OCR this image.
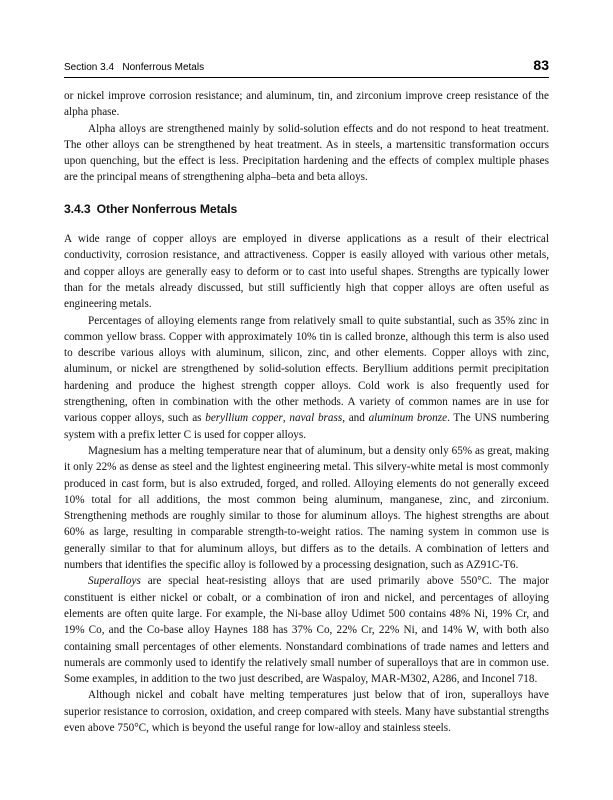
Section 3.4   Nonferrous Metals	83

or nickel improve corrosion resistance; and aluminum, tin, and zirconium improve creep resistance of the alpha phase.

Alpha alloys are strengthened mainly by solid-solution effects and do not respond to heat treatment. The other alloys can be strengthened by heat treatment. As in steels, a martensitic transformation occurs upon quenching, but the effect is less. Precipitation hardening and the effects of complex multiple phases are the principal means of strengthening alpha–beta and beta alloys.

3.4.3 Other Nonferrous Metals

A wide range of copper alloys are employed in diverse applications as a result of their electrical conductivity, corrosion resistance, and attractiveness. Copper is easily alloyed with various other metals, and copper alloys are generally easy to deform or to cast into useful shapes. Strengths are typically lower than for the metals already discussed, but still sufficiently high that copper alloys are often useful as engineering metals.

Percentages of alloying elements range from relatively small to quite substantial, such as 35% zinc in common yellow brass. Copper with approximately 10% tin is called bronze, although this term is also used to describe various alloys with aluminum, silicon, zinc, and other elements. Copper alloys with zinc, aluminum, or nickel are strengthened by solid-solution effects. Beryllium additions permit precipitation hardening and produce the highest strength copper alloys. Cold work is also frequently used for strengthening, often in combination with the other methods. A variety of common names are in use for various copper alloys, such as beryllium copper, naval brass, and aluminum bronze. The UNS numbering system with a prefix letter C is used for copper alloys.

Magnesium has a melting temperature near that of aluminum, but a density only 65% as great, making it only 22% as dense as steel and the lightest engineering metal. This silvery-white metal is most commonly produced in cast form, but is also extruded, forged, and rolled. Alloying elements do not generally exceed 10% total for all additions, the most common being aluminum, manganese, zinc, and zirconium. Strengthening methods are roughly similar to those for aluminum alloys. The highest strengths are about 60% as large, resulting in comparable strength-to-weight ratios. The naming system in common use is generally similar to that for aluminum alloys, but differs as to the details. A combination of letters and numbers that identifies the specific alloy is followed by a processing designation, such as AZ91C-T6.

Superalloys are special heat-resisting alloys that are used primarily above 550°C. The major constituent is either nickel or cobalt, or a combination of iron and nickel, and percentages of alloying elements are often quite large. For example, the Ni-base alloy Udimet 500 contains 48% Ni, 19% Cr, and 19% Co, and the Co-base alloy Haynes 188 has 37% Co, 22% Cr, 22% Ni, and 14% W, with both also containing small percentages of other elements. Nonstandard combinations of trade names and letters and numerals are commonly used to identify the relatively small number of superalloys that are in common use. Some examples, in addition to the two just described, are Waspaloy, MAR-M302, A286, and Inconel 718.

Although nickel and cobalt have melting temperatures just below that of iron, superalloys have superior resistance to corrosion, oxidation, and creep compared with steels. Many have substantial strengths even above 750°C, which is beyond the useful range for low-alloy and stainless steels.
